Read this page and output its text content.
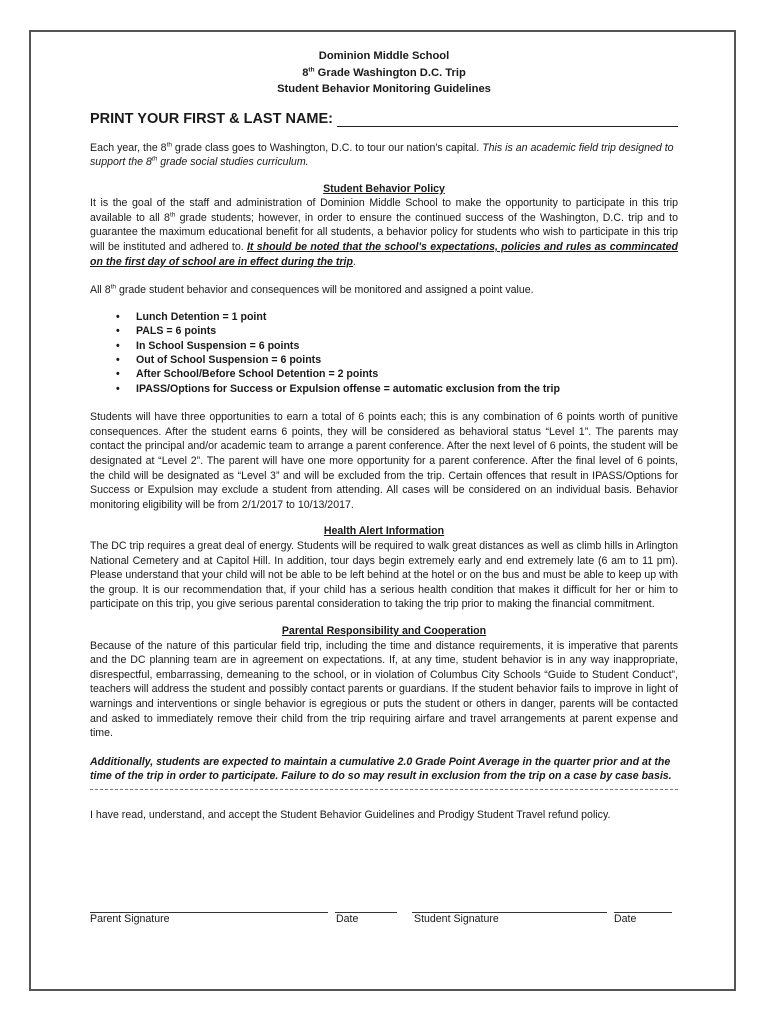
Dominion Middle School
8th Grade Washington D.C. Trip
Student Behavior Monitoring Guidelines
PRINT YOUR FIRST & LAST NAME:

Each year, the 8th grade class goes to Washington, D.C. to tour our nation's capital. This is an academic field trip designed to support the 8th grade social studies curriculum.

Student Behavior Policy

It is the goal of the staff and administration of Dominion Middle School to make the opportunity to participate in this trip available to all 8th grade students; however, in order to ensure the continued success of the Washington, D.C. trip and to guarantee the maximum educational benefit for all students, a behavior policy for students who wish to participate in this trip will be instituted and adhered to. It should be noted that the school's expectations, policies and rules as commincated on the first day of school are in effect during the trip.

All 8th grade student behavior and consequences will be monitored and assigned a point value.

• Lunch Detention = 1 point
• PALS = 6 points
• In School Suspension = 6 points
• Out of School Suspension = 6 points
• After School/Before School Detention = 2 points
• IPASS/Options for Success or Expulsion offense = automatic exclusion from the trip

Students will have three opportunities to earn a total of 6 points each; this is any combination of 6 points worth of punitive consequences. After the student earns 6 points, they will be considered as behavioral status “Level 1”. The parents may contact the principal and/or academic team to arrange a parent conference. After the next level of 6 points, the student will be designated at “Level 2”. The parent will have one more opportunity for a parent conference. After the final level of 6 points, the child will be designated as “Level 3” and will be excluded from the trip. Certain offences that result in IPASS/Options for Success or Expulsion may exclude a student from attending. All cases will be considered on an individual basis. Behavior monitoring eligibility will be from 2/1/2017 to 10/13/2017.

Health Alert Information

The DC trip requires a great deal of energy. Students will be required to walk great distances as well as climb hills in Arlington National Cemetery and at Capitol Hill. In addition, tour days begin extremely early and end extremely late (6 am to 11 pm). Please understand that your child will not be able to be left behind at the hotel or on the bus and must be able to keep up with the group. It is our recommendation that, if your child has a serious health condition that makes it difficult for her or him to participate on this trip, you give serious parental consideration to taking the trip prior to making the financial commitment.

Parental Responsibility and Cooperation

Because of the nature of this particular field trip, including the time and distance requirements, it is imperative that parents and the DC planning team are in agreement on expectations. If, at any time, student behavior is in any way inappropriate, disrespectful, embarrassing, demeaning to the school, or in violation of Columbus City Schools “Guide to Student Conduct”, teachers will address the student and possibly contact parents or guardians. If the student behavior fails to improve in light of warnings and interventions or single behavior is egregious or puts the student or others in danger, parents will be contacted and asked to immediately remove their child from the trip requiring airfare and travel arrangements at parent expense and time.

Additionally, students are expected to maintain a cumulative 2.0 Grade Point Average in the quarter prior and at the time of the trip in order to participate. Failure to do so may result in exclusion from the trip on a case by case basis.

I have read, understand, and accept the Student Behavior Guidelines and Prodigy Student Travel refund policy.

Parent Signature	Date	Student Signature	Date
